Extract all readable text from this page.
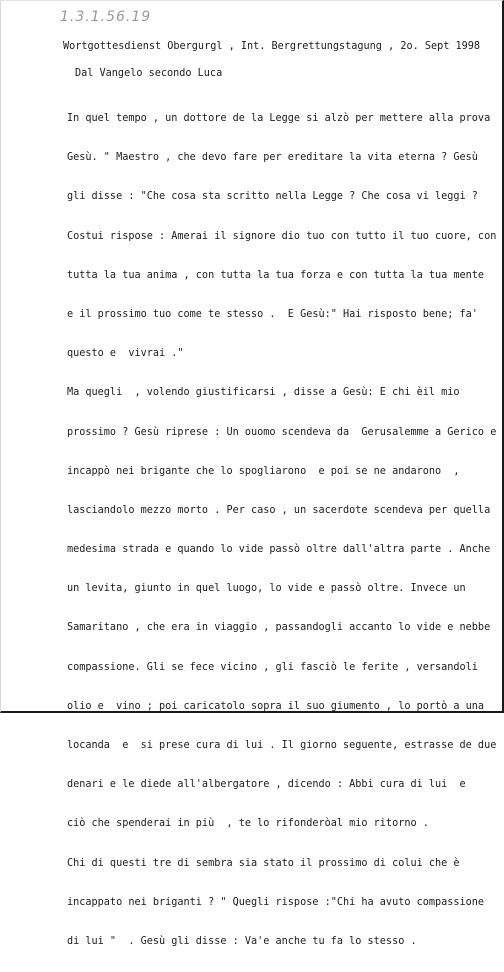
1.3.1.56.19
Wortgottesdienst Obergurgl , Int. Bergrettungstagung , 2o. Sept 1998
Dal Vangelo secondo Luca

In quel tempo , un dottore de la Legge si alzò per mettere alla prova

Gesù. " Maestro , che devo fare per ereditare la vita eterna ? Gesù

gli disse : "Che cosa sta scritto nella Legge ? Che cosa vi leggi ?

Costui rispose : Amerai il signore dio tuo con tutto il tuo cuore, con

tutta la tua anima , con tutta la tua forza e con tutta la tua mente

e il prossimo tuo come te stesso .  E Gesù:" Hai risposto bene; fa'

questo e  vivrai ."

Ma quegli  , volendo giustificarsi , disse a Gesù: E chi èil mio

prossimo ? Gesù riprese : Un ouomo scendeva da  Gerusalemme a Gerico e

incappò nei brigante che lo spogliarono  e poi se ne andarono  ,

lasciandolo mezzo morto . Per caso , un sacerdote scendeva per quella

medesima strada e quando lo vide passò oltre dall'altra parte . Anche

un levita, giunto in quel luogo, lo vide e passò oltre. Invece un

Samaritano , che era in viaggio , passandogli accanto lo vide e nebbe

compassione. Gli se fece vicino , gli fasciò le ferite , versandoli

olio e  vino ; poi caricatolo sopra il suo giumento , lo portò a una

locanda  e  si prese cura di lui . Il giorno seguente, estrasse de due

denari e le diede all'albergatore , dicendo : Abbi cura di lui  e

ciò che spenderai in più  , te lo rifonderòal mio ritorno .

Chi di questi tre di sembra sia stato il prossimo di colui che è

incappato nei briganti ? " Quegli rispose :"Chi ha avuto compassione

di lui "  . Gesù gli disse : Va'e anche tu fa lo stesso .
